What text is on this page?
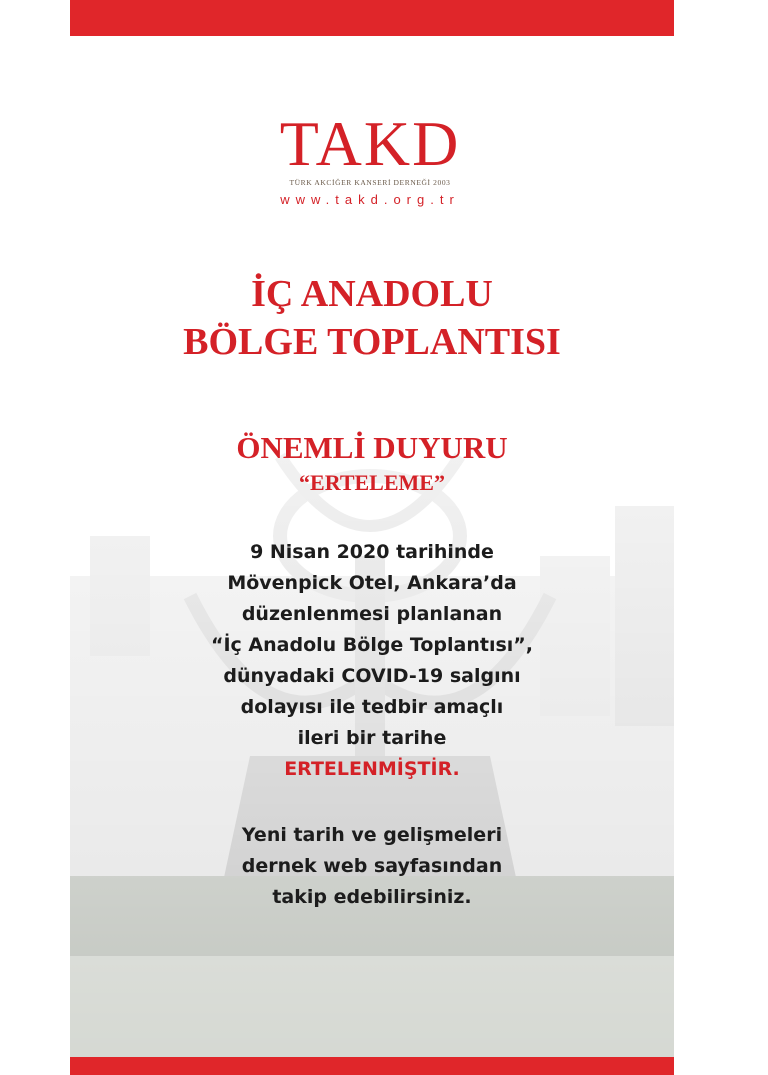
TAKD
TÜRK AKCİĞER KANSERİ DERNEĞİ 2003
www.takd.org.tr
İÇ ANADOLU
BÖLGE TOPLANTISI
ÖNEMLİ DUYURU
“ERTELEME”
9 Nisan 2020 tarihinde
Mövenpick Otel, Ankara’da
düzenlenmesi planlanan
“İç Anadolu Bölge Toplantısı”,
dünyadaki COVID-19 salgını
dolayısı ile tedbir amaçlı
ileri bir tarihe
ERTELENMİŞTİR.
Yeni tarih ve gelişmeleri
dernek web sayfasından
takip edebilirsiniz.
